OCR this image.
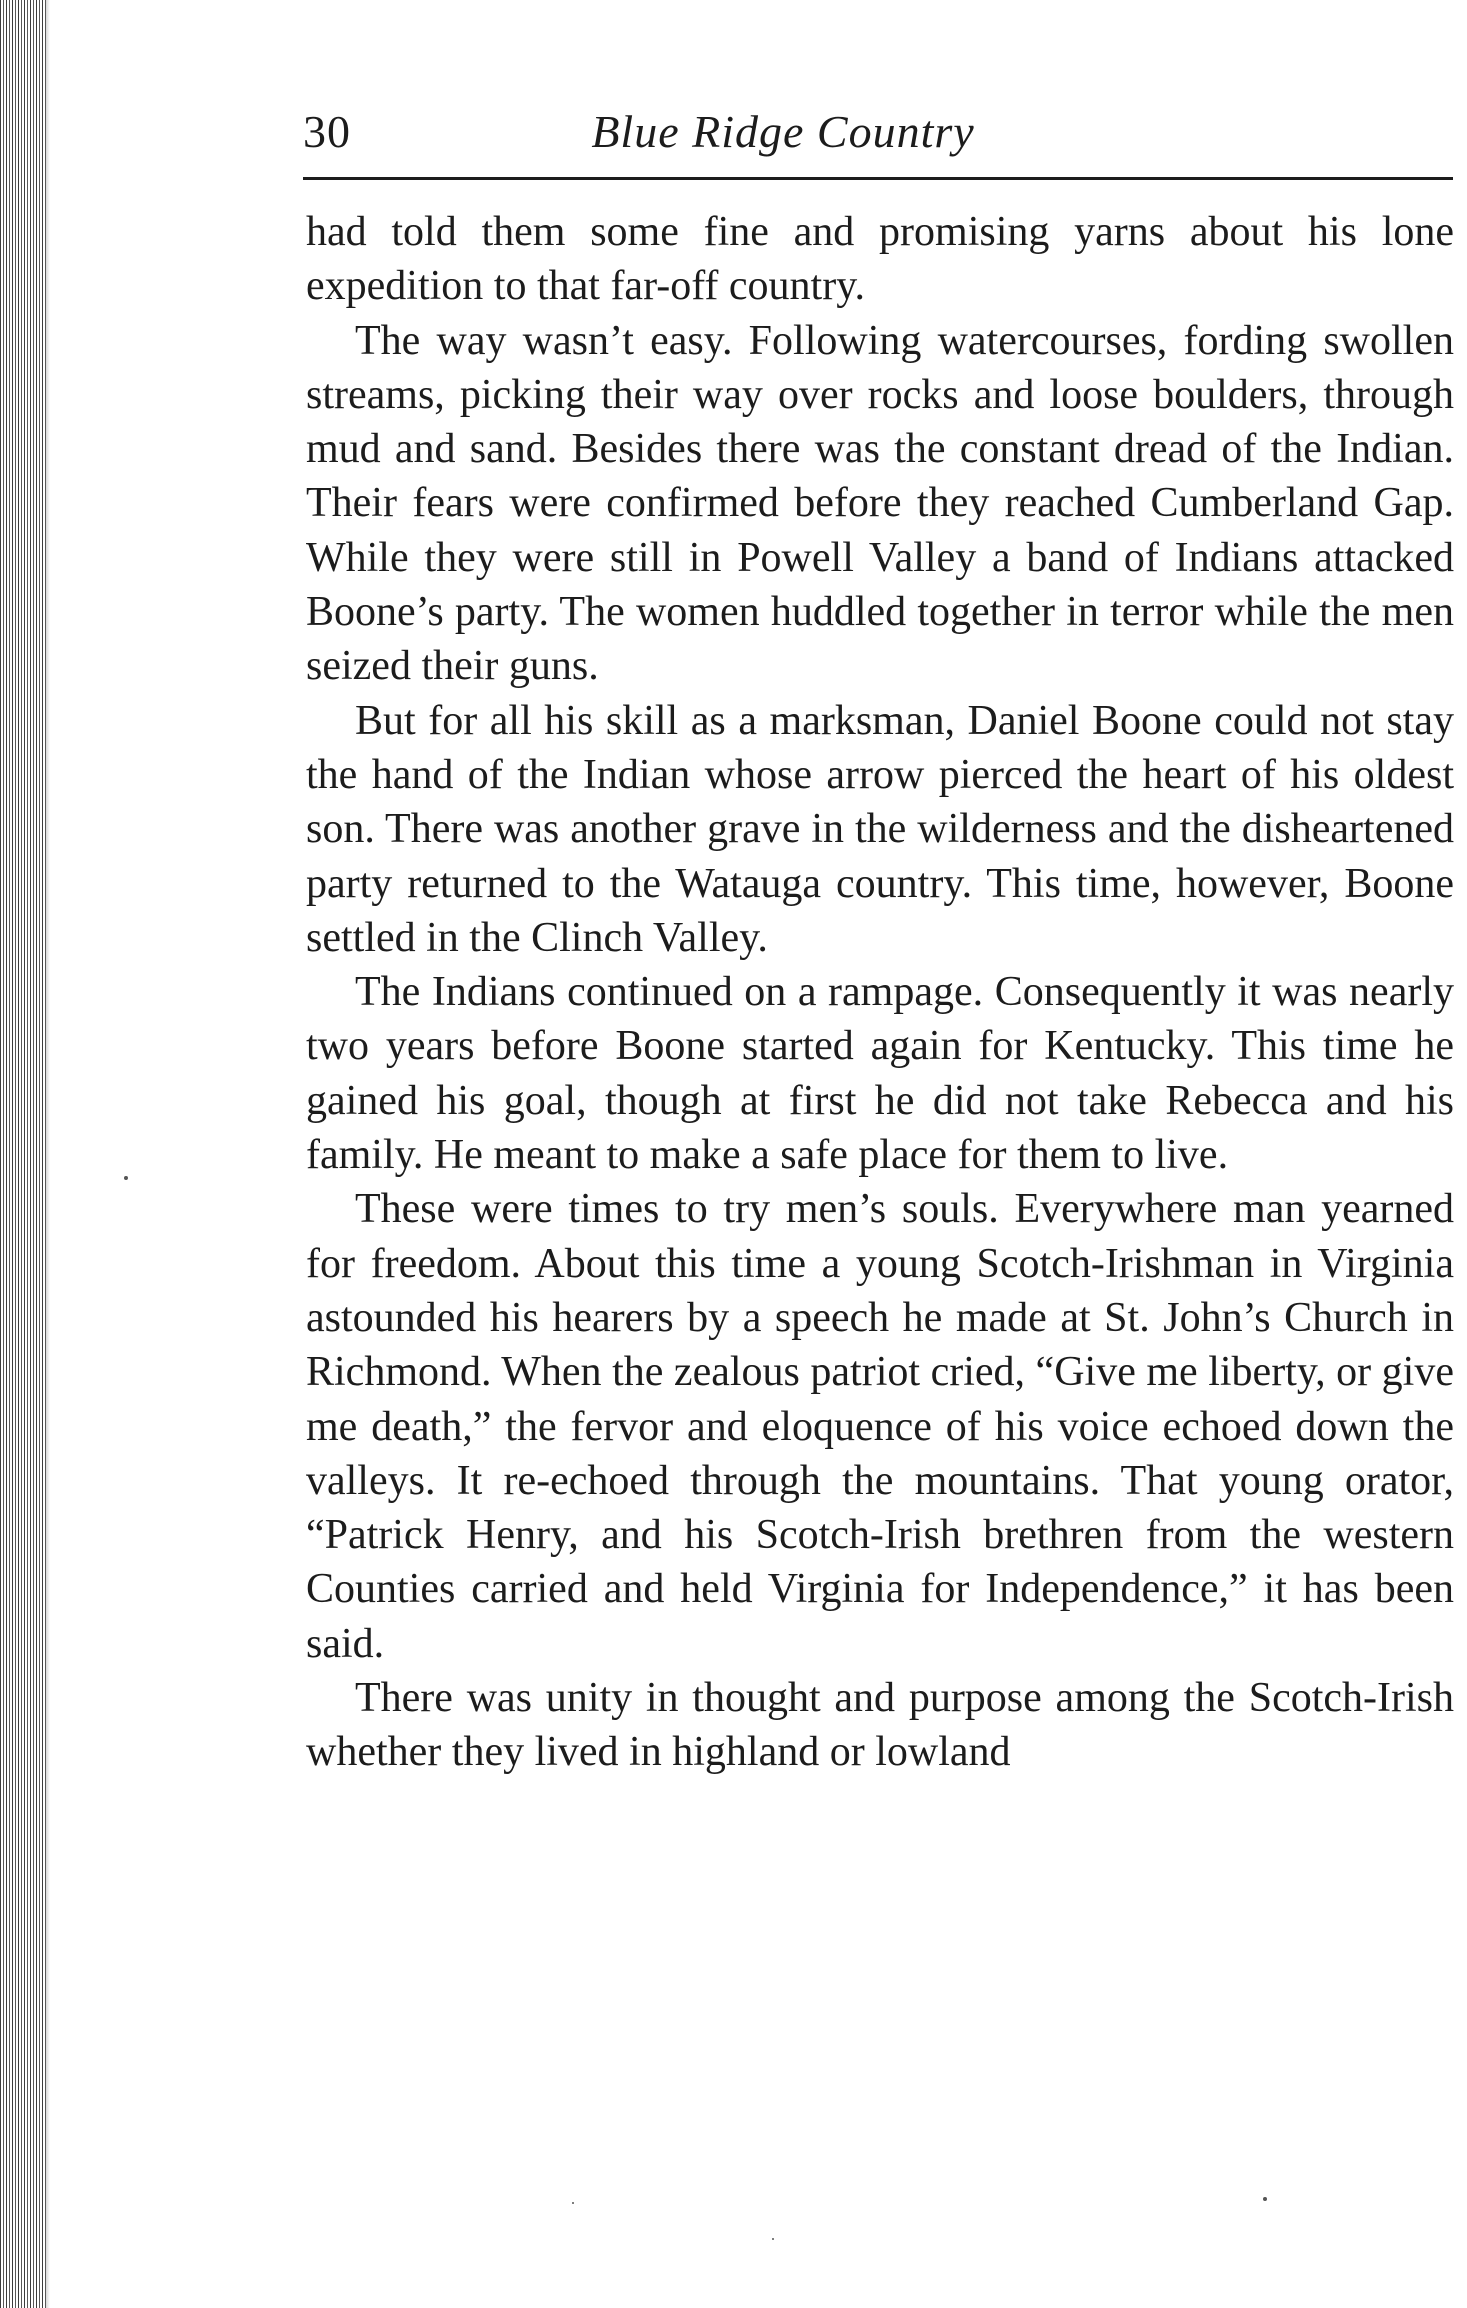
30	Blue Ridge Country

had told them some fine and promising yarns about his lone expedition to that far-off country.

The way wasn’t easy. Following watercourses, fording swollen streams, picking their way over rocks and loose boulders, through mud and sand. Besides there was the constant dread of the Indian. Their fears were confirmed before they reached Cumberland Gap. While they were still in Powell Valley a band of Indians attacked Boone’s party. The women huddled together in terror while the men seized their guns.

But for all his skill as a marksman, Daniel Boone could not stay the hand of the Indian whose arrow pierced the heart of his oldest son. There was another grave in the wilderness and the disheartened party returned to the Watauga country. This time, however, Boone settled in the Clinch Valley.

The Indians continued on a rampage. Consequently it was nearly two years before Boone started again for Kentucky. This time he gained his goal, though at first he did not take Rebecca and his family. He meant to make a safe place for them to live.

These were times to try men’s souls. Everywhere man yearned for freedom. About this time a young Scotch-Irishman in Virginia astounded his hearers by a speech he made at St. John’s Church in Richmond. When the zealous patriot cried, “Give me liberty, or give me death,” the fervor and eloquence of his voice echoed down the valleys. It re-echoed through the mountains. That young orator, “Patrick Henry, and his Scotch-Irish brethren from the western Counties carried and held Virginia for Independence,” it has been said.

There was unity in thought and purpose among the Scotch-Irish whether they lived in highland or lowland
